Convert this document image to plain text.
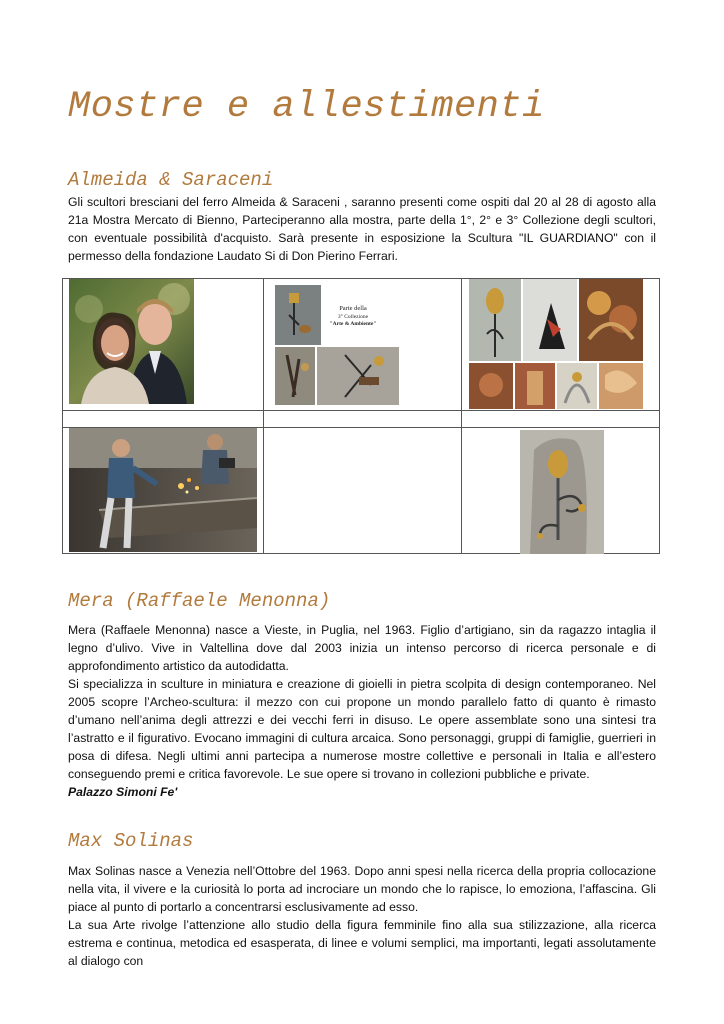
Mostre e allestimenti
Almeida & Saraceni
Gli scultori bresciani del ferro Almeida & Saraceni , saranno presenti come ospiti dal 20 al 28 di agosto alla 21a Mostra Mercato di Bienno, Parteciperanno alla mostra, parte della 1°, 2° e 3° Collezione degli scultori, con eventuale possibilità d'acquisto. Sarà presente in esposizione la Scultura "IL GUARDIANO" con il permesso della fondazione Laudato Si di Don Pierino Ferrari.
Parte della
3° Collezione
"Arte & Ambiente"
Mera (Raffaele Menonna)

Mera (Raffaele Menonna) nasce a Vieste, in Puglia, nel 1963. Figlio d’artigiano, sin da ragazzo intaglia il legno d’ulivo. Vive in Valtellina dove dal 2003 inizia un intenso percorso di ricerca personale e di approfondimento artistico da autodidatta.

Si specializza in sculture in miniatura e creazione di gioielli in pietra scolpita di design contemporaneo. Nel 2005 scopre l’Archeo-scultura: il mezzo con cui propone un mondo parallelo fatto di quanto è rimasto d’umano nell’anima degli attrezzi e dei vecchi ferri in disuso. Le opere assemblate sono una sintesi tra l’astratto e il figurativo. Evocano immagini di cultura arcaica. Sono personaggi, gruppi di famiglie, guerrieri in posa di difesa. Negli ultimi anni partecipa a numerose mostre collettive e personali in Italia e all’estero conseguendo premi e critica favorevole. Le sue opere si trovano in collezioni pubbliche e private.

Palazzo Simoni Fe'

Max Solinas

Max Solinas nasce a Venezia nell’Ottobre del 1963. Dopo anni spesi nella ricerca della propria collocazione nella vita, il vivere e la curiosità lo porta ad incrociare un mondo che lo rapisce, lo emoziona, l’affascina. Gli piace al punto di portarlo a concentrarsi esclusivamente ad esso.

La sua Arte rivolge l’attenzione allo studio della figura femminile fino alla sua stilizzazione, alla ricerca estrema e continua, metodica ed esasperata, di linee e volumi semplici, ma importanti, legati assolutamente al dialogo con
